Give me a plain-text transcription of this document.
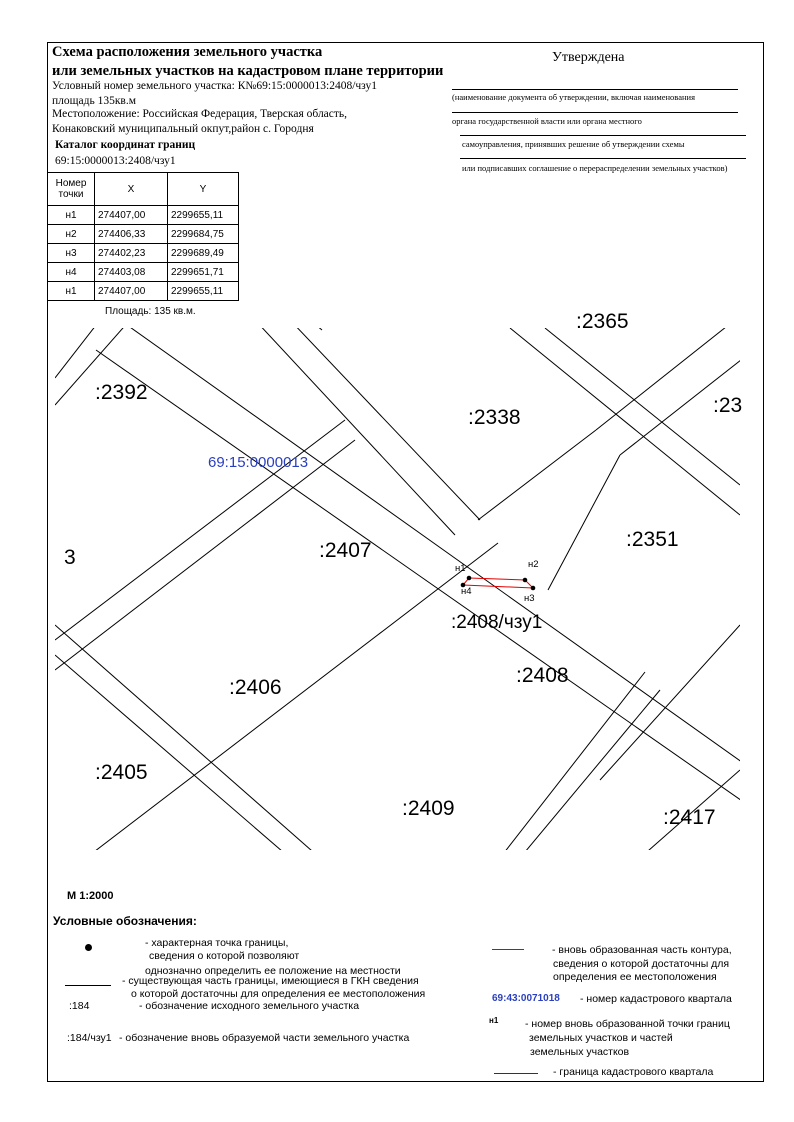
Схема расположения земельного участка
или земельных участков на кадастровом плане территории
Условный номер земельного участка: К№69:15:0000013:2408/чзу1
площадь 135кв.м
Местоположение: Российская Федерация, Тверская область,
Конаковский муниципальный окпут,район с. Городня
Каталог координат границ
69:15:0000013:2408/чзу1
Утверждена
(наименование документа об утверждении, включая наименования
органа государственной власти или органа местного
самоуправления, принявших решение об утверждении схемы
или подписавших соглашение о перераспределении земельных участков)
Номер
точки	X	Y
н1	274407,00	2299655,11
н2	274406,33	2299684,75
н3	274402,23	2299689,49
н4	274403,08	2299651,71
н1	274407,00	2299655,11
Площадь: 135 кв.м.
:2392
:2338
:2365
:23
3
69:15:0000013
:2407	:2351
:2408/чзу1
:2408
:2406
:2405
:2409	:2417
н1	н2
н3
н4
М 1:2000
Условные обозначения:
- характерная точка границы,
сведения о которой позволяют
однозначно определить ее положение на местности
- существующая часть границы, имеющиеся в ГКН сведения
о которой достаточны для определения ее местоположения
:184	- обозначение исходного земельного участка
:184/чзу1 - обозначение вновь образуемой части земельного участка
- вновь образованная часть контура,
сведения о которой достаточны для
определения ее местоположения
69:43:0071018 - номер кадастрового квартала
н1	- номер вновь образованной точки границ
земельных участков и частей
земельных участков
- граница кадастрового квартала
